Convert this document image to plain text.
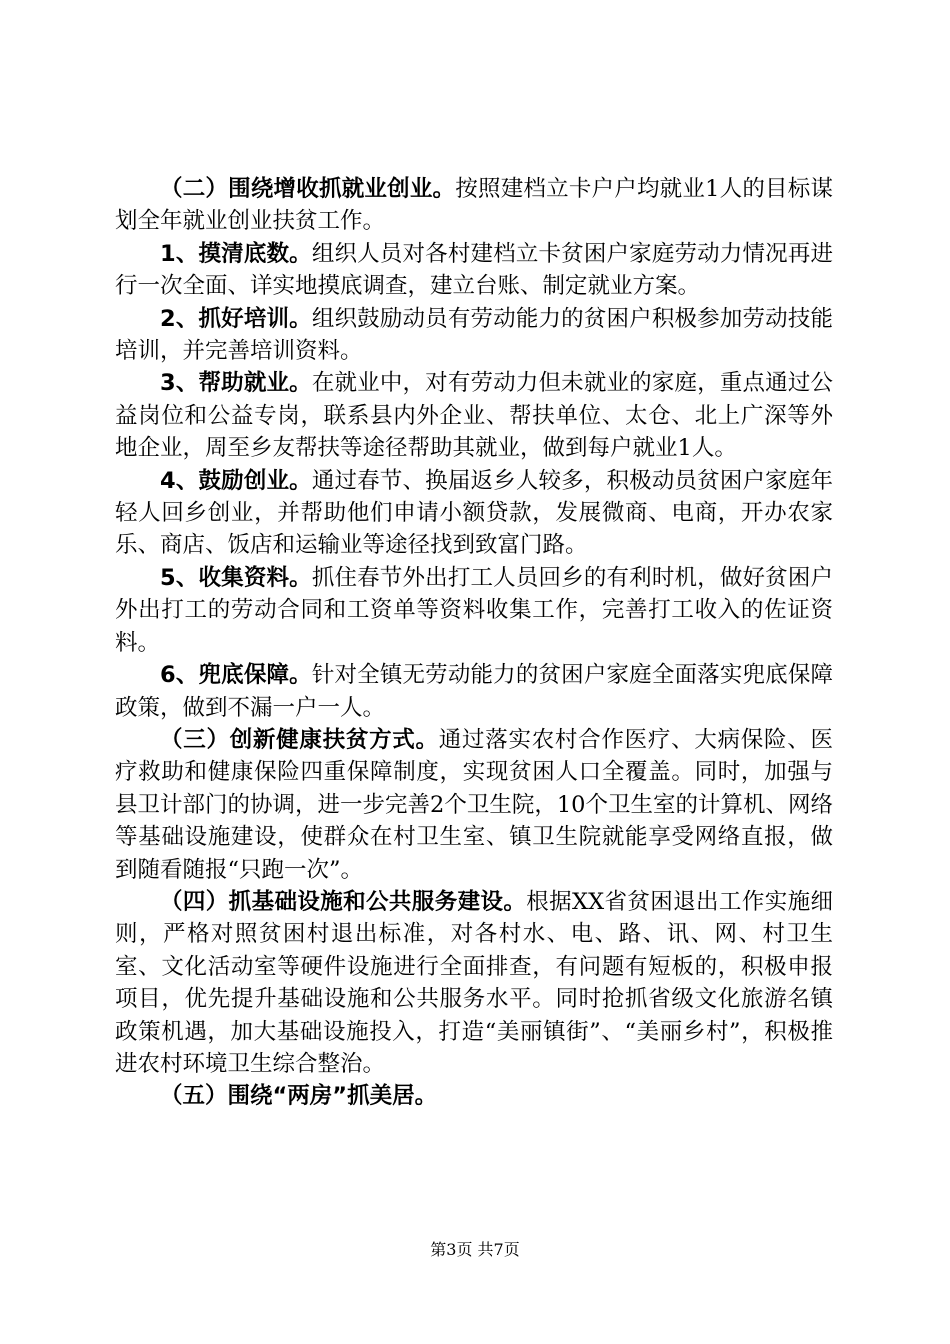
（二）围绕增收抓就业创业。按照建档立卡户户均就业1人的目标谋划全年就业创业扶贫工作。

1、摸清底数。组织人员对各村建档立卡贫困户家庭劳动力情况再进行一次全面、详实地摸底调查，建立台账、制定就业方案。

2、抓好培训。组织鼓励动员有劳动能力的贫困户积极参加劳动技能培训，并完善培训资料。

3、帮助就业。在就业中，对有劳动力但未就业的家庭，重点通过公益岗位和公益专岗，联系县内外企业、帮扶单位、太仓、北上广深等外地企业，周至乡友帮扶等途径帮助其就业，做到每户就业1人。

4、鼓励创业。通过春节、换届返乡人较多，积极动员贫困户家庭年轻人回乡创业，并帮助他们申请小额贷款，发展微商、电商，开办农家乐、商店、饭店和运输业等途径找到致富门路。

5、收集资料。抓住春节外出打工人员回乡的有利时机，做好贫困户外出打工的劳动合同和工资单等资料收集工作，完善打工收入的佐证资料。

6、兜底保障。针对全镇无劳动能力的贫困户家庭全面落实兜底保障政策，做到不漏一户一人。

（三）创新健康扶贫方式。通过落实农村合作医疗、大病保险、医疗救助和健康保险四重保障制度，实现贫困人口全覆盖。同时，加强与县卫计部门的协调，进一步完善2个卫生院，10个卫生室的计算机、网络等基础设施建设，使群众在村卫生室、镇卫生院就能享受网络直报，做到随看随报“只跑一次”。

（四）抓基础设施和公共服务建设。根据XX省贫困退出工作实施细则，严格对照贫困村退出标准，对各村水、电、路、讯、网、村卫生室、文化活动室等硬件设施进行全面排查，有问题有短板的，积极申报项目，优先提升基础设施和公共服务水平。同时抢抓省级文化旅游名镇政策机遇，加大基础设施投入，打造“美丽镇街”、“美丽乡村”，积极推进农村环境卫生综合整治。

（五）围绕“两房”抓美居。

第3页 共7页
